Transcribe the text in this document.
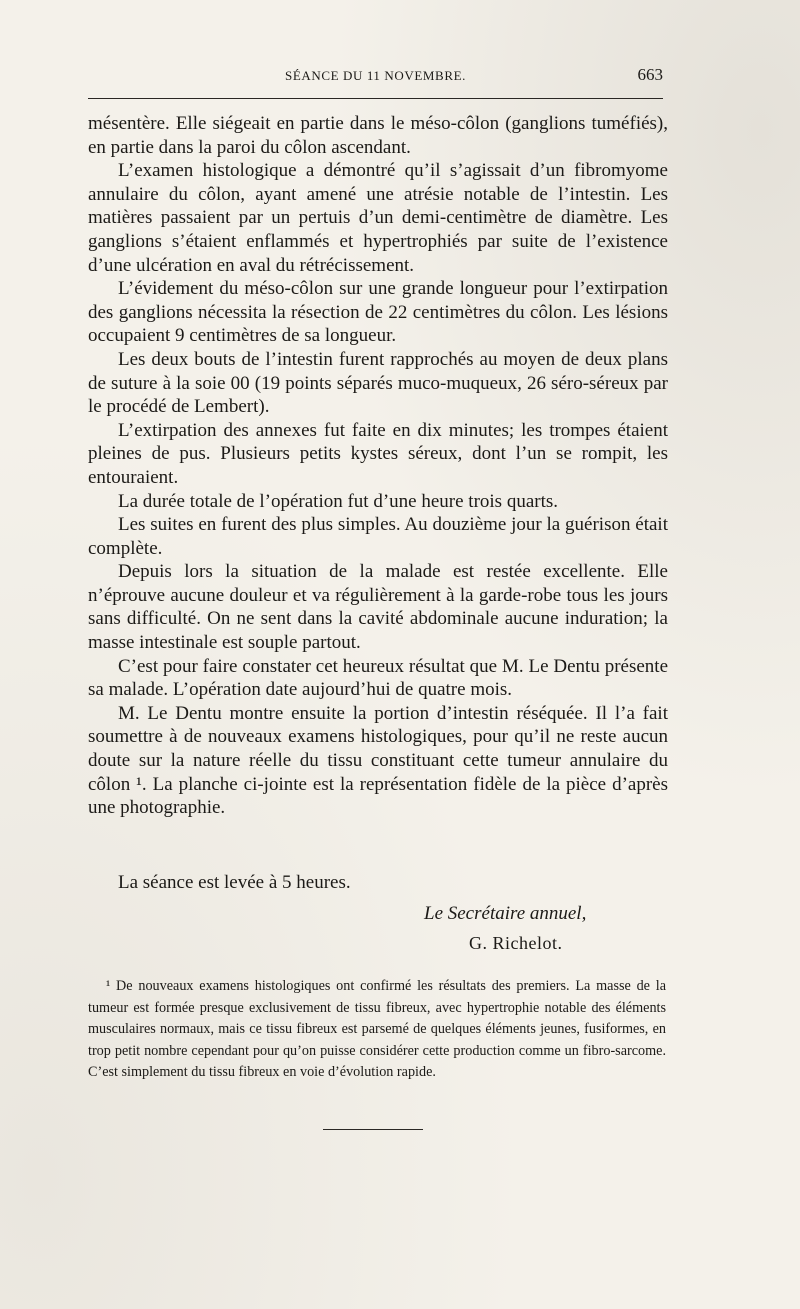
SÉANCE DU 11 NOVEMBRE.	663

mésentère. Elle siégeait en partie dans le méso-côlon (ganglions tuméfiés), en partie dans la paroi du côlon ascendant.

L’examen histologique a démontré qu’il s’agissait d’un fibromyome annulaire du côlon, ayant amené une atrésie notable de l’intestin. Les matières passaient par un pertuis d’un demi-centimètre de diamètre. Les ganglions s’étaient enflammés et hypertrophiés par suite de l’existence d’une ulcération en aval du rétrécissement.

L’évidement du méso-côlon sur une grande longueur pour l’extirpation des ganglions nécessita la résection de 22 centimètres du côlon. Les lésions occupaient 9 centimètres de sa longueur.

Les deux bouts de l’intestin furent rapprochés au moyen de deux plans de suture à la soie 00 (19 points séparés muco-muqueux, 26 séro-séreux par le procédé de Lembert).

L’extirpation des annexes fut faite en dix minutes; les trompes étaient pleines de pus. Plusieurs petits kystes séreux, dont l’un se rompit, les entouraient.

La durée totale de l’opération fut d’une heure trois quarts.

Les suites en furent des plus simples. Au douzième jour la guérison était complète.

Depuis lors la situation de la malade est restée excellente. Elle n’éprouve aucune douleur et va régulièrement à la garde-robe tous les jours sans difficulté. On ne sent dans la cavité abdominale aucune induration; la masse intestinale est souple partout.

C’est pour faire constater cet heureux résultat que M. Le Dentu présente sa malade. L’opération date aujourd’hui de quatre mois.

M. Le Dentu montre ensuite la portion d’intestin réséquée. Il l’a fait soumettre à de nouveaux examens histologiques, pour qu’il ne reste aucun doute sur la nature réelle du tissu constituant cette tumeur annulaire du côlon ¹. La planche ci-jointe est la représentation fidèle de la pièce d’après une photographie.

La séance est levée à 5 heures.
Le Secrétaire annuel,
G. Richelot.

¹ De nouveaux examens histologiques ont confirmé les résultats des premiers. La masse de la tumeur est formée presque exclusivement de tissu fibreux, avec hypertrophie notable des éléments musculaires normaux, mais ce tissu fibreux est parsemé de quelques éléments jeunes, fusiformes, en trop petit nombre cependant pour qu’on puisse considérer cette production comme un fibro-sarcome. C’est simplement du tissu fibreux en voie d’évolution rapide.
